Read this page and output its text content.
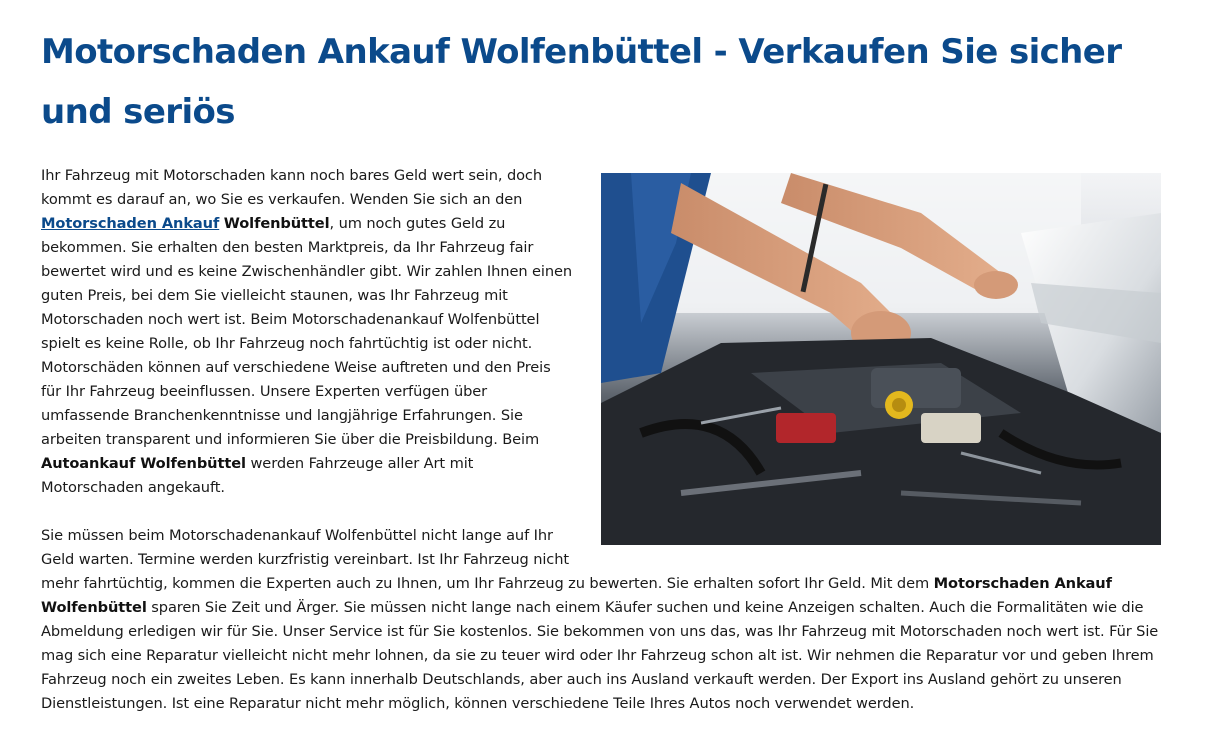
Motorschaden Ankauf Wolfenbüttel - Verkaufen Sie sicher und seriös

Ihr Fahrzeug mit Motorschaden kann noch bares Geld wert sein, doch kommt es darauf an, wo Sie es verkaufen. Wenden Sie sich an den Motorschaden Ankauf Wolfenbüttel, um noch gutes Geld zu bekommen. Sie erhalten den besten Marktpreis, da Ihr Fahrzeug fair bewertet wird und es keine Zwischenhändler gibt. Wir zahlen Ihnen einen guten Preis, bei dem Sie vielleicht staunen, was Ihr Fahrzeug mit Motorschaden noch wert ist. Beim Motorschadenankauf Wolfenbüttel spielt es keine Rolle, ob Ihr Fahrzeug noch fahrtüchtig ist oder nicht. Motorschäden können auf verschiedene Weise auftreten und den Preis für Ihr Fahrzeug beeinflussen. Unsere Experten verfügen über umfassende Branchenkenntnisse und langjährige Erfahrungen. Sie arbeiten transparent und informieren Sie über die Preisbildung. Beim Autoankauf Wolfenbüttel werden Fahrzeuge aller Art mit Motorschaden angekauft.

Sie müssen beim Motorschadenankauf Wolfenbüttel nicht lange auf Ihr Geld warten. Termine werden kurzfristig vereinbart. Ist Ihr Fahrzeug nicht mehr fahrtüchtig, kommen die Experten auch zu Ihnen, um Ihr Fahrzeug zu bewerten. Sie erhalten sofort Ihr Geld. Mit dem Motorschaden Ankauf Wolfenbüttel sparen Sie Zeit und Ärger. Sie müssen nicht lange nach einem Käufer suchen und keine Anzeigen schalten. Auch die Formalitäten wie die Abmeldung erledigen wir für Sie. Unser Service ist für Sie kostenlos. Sie bekommen von uns das, was Ihr Fahrzeug mit Motorschaden noch wert ist. Für Sie mag sich eine Reparatur vielleicht nicht mehr lohnen, da sie zu teuer wird oder Ihr Fahrzeug schon alt ist. Wir nehmen die Reparatur vor und geben Ihrem Fahrzeug noch ein zweites Leben. Es kann innerhalb Deutschlands, aber auch ins Ausland verkauft werden. Der Export ins Ausland gehört zu unseren Dienstleistungen. Ist eine Reparatur nicht mehr möglich, können verschiedene Teile Ihres Autos noch verwendet werden.
